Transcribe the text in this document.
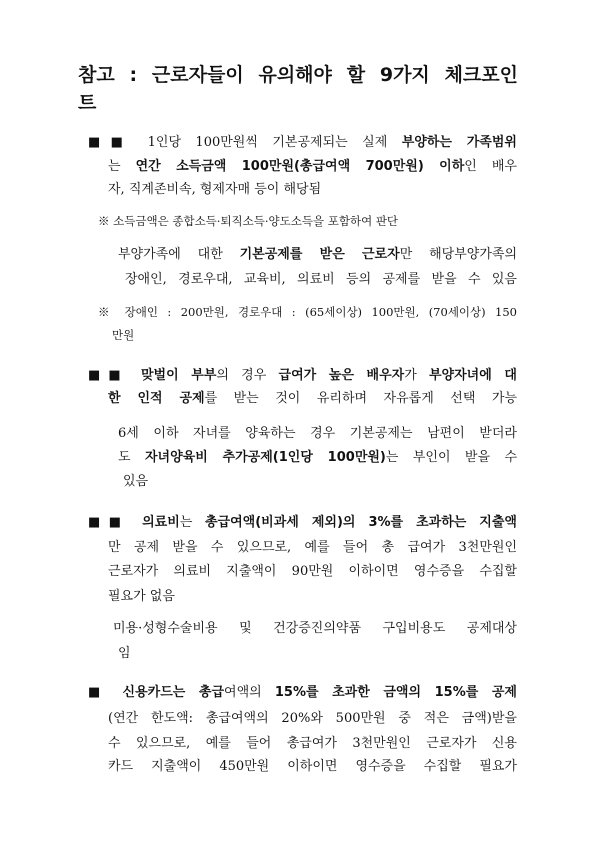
참고 : 근로자들이 유의해야 할 9가지 체크포인
트
■■ 1인당 100만원씩 기본공제되는 실제 부양하는 가족범위
는 연간 소득금액 100만원(총급여액 700만원) 이하인 배우
자, 직계존비속, 형제자매 등이 해당됨
※ 소득금액은 종합소득·퇴직소득·양도소득을 포함하여 판단
부양가족에 대한 기본공제를 받은 근로자만 해당부양가족의
장애인, 경로우대, 교육비, 의료비 등의 공제를 받을 수 있음
※ 장애인 : 200만원, 경로우대 : (65세이상) 100만원, (70세이상) 150
만원
■■ 맞벌이 부부의 경우 급여가 높은 배우자가 부양자녀에 대
한 인적 공제를 받는 것이 유리하며 자유롭게 선택 가능
6세 이하 자녀를 양육하는 경우 기본공제는 남편이 받더라
도 자녀양육비 추가공제(1인당 100만원)는 부인이 받을 수
있음
■■ 의료비는 총급여액(비과세 제외)의 3%를 초과하는 지출액
만 공제 받을 수 있으므로, 예를 들어 총 급여가 3천만원인
근로자가 의료비 지출액이 90만원 이하이면 영수증을 수집할
필요가 없음
미용·성형수술비용 및 건강증진의약품 구입비용도 공제대상
임
■ 신용카드는 총급여액의 15%를 초과한 금액의 15%를 공제
(연간 한도액: 총급여액의 20%와 500만원 중 적은 금액)받을
수 있으므로, 예를 들어 총급여가 3천만원인 근로자가 신용
카드 지출액이 450만원 이하이면 영수증을 수집할 필요가
